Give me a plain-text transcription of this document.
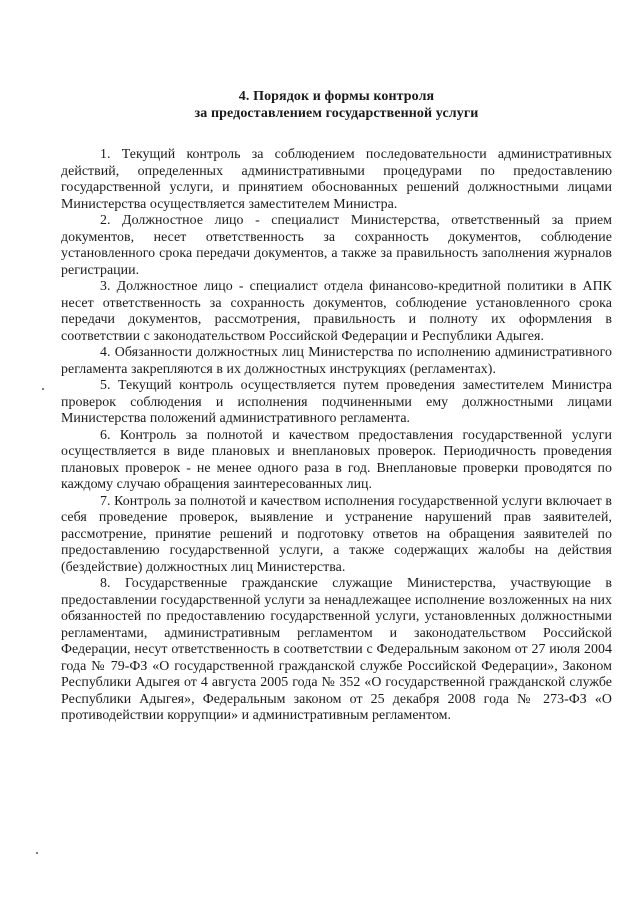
4. Порядок и формы контроля
за предоставлением государственной услуги

1. Текущий контроль за соблюдением последовательности административных действий, определенных административными процедурами по предоставлению государственной услуги, и принятием обоснованных решений должностными лицами Министерства осуществляется заместителем Министра.

2. Должностное лицо - специалист Министерства, ответственный за прием документов, несет ответственность за сохранность документов, соблюдение установленного срока передачи документов, а также за правильность заполнения журналов регистрации.

3. Должностное лицо - специалист отдела финансово-кредитной политики в АПК несет ответственность за сохранность документов, соблюдение установленного срока передачи документов, рассмотрения, правильность и полноту их оформления в соответствии с законодательством Российской Федерации и Республики Адыгея.

4. Обязанности должностных лиц Министерства по исполнению административного регламента закрепляются в их должностных инструкциях (регламентах).

5. Текущий контроль осуществляется путем проведения заместителем Министра проверок соблюдения и исполнения подчиненными ему должностными лицами Министерства положений административного регламента.

6. Контроль за полнотой и качеством предоставления государственной услуги осуществляется в виде плановых и внеплановых проверок. Периодичность проведения плановых проверок - не менее одного раза в год. Внеплановые проверки проводятся по каждому случаю обращения заинтересованных лиц.

7. Контроль за полнотой и качеством исполнения государственной услуги включает в себя проведение проверок, выявление и устранение нарушений прав заявителей, рассмотрение, принятие решений и подготовку ответов на обращения заявителей по предоставлению государственной услуги, а также содержащих жалобы на действия (бездействие) должностных лиц Министерства.

8. Государственные гражданские служащие Министерства, участвующие в предоставлении государственной услуги за ненадлежащее исполнение возложенных на них обязанностей по предоставлению государственной услуги, установленных должностными регламентами, административным регламентом и законодательством Российской Федерации, несут ответственность в соответствии с Федеральным законом от 27 июля 2004 года № 79-ФЗ «О государственной гражданской службе Российской Федерации», Законом Республики Адыгея от 4 августа 2005 года № 352 «О государственной гражданской службе Республики Адыгея», Федеральным законом от 25 декабря 2008 года № 273-ФЗ «О противодействии коррупции» и административным регламентом.
